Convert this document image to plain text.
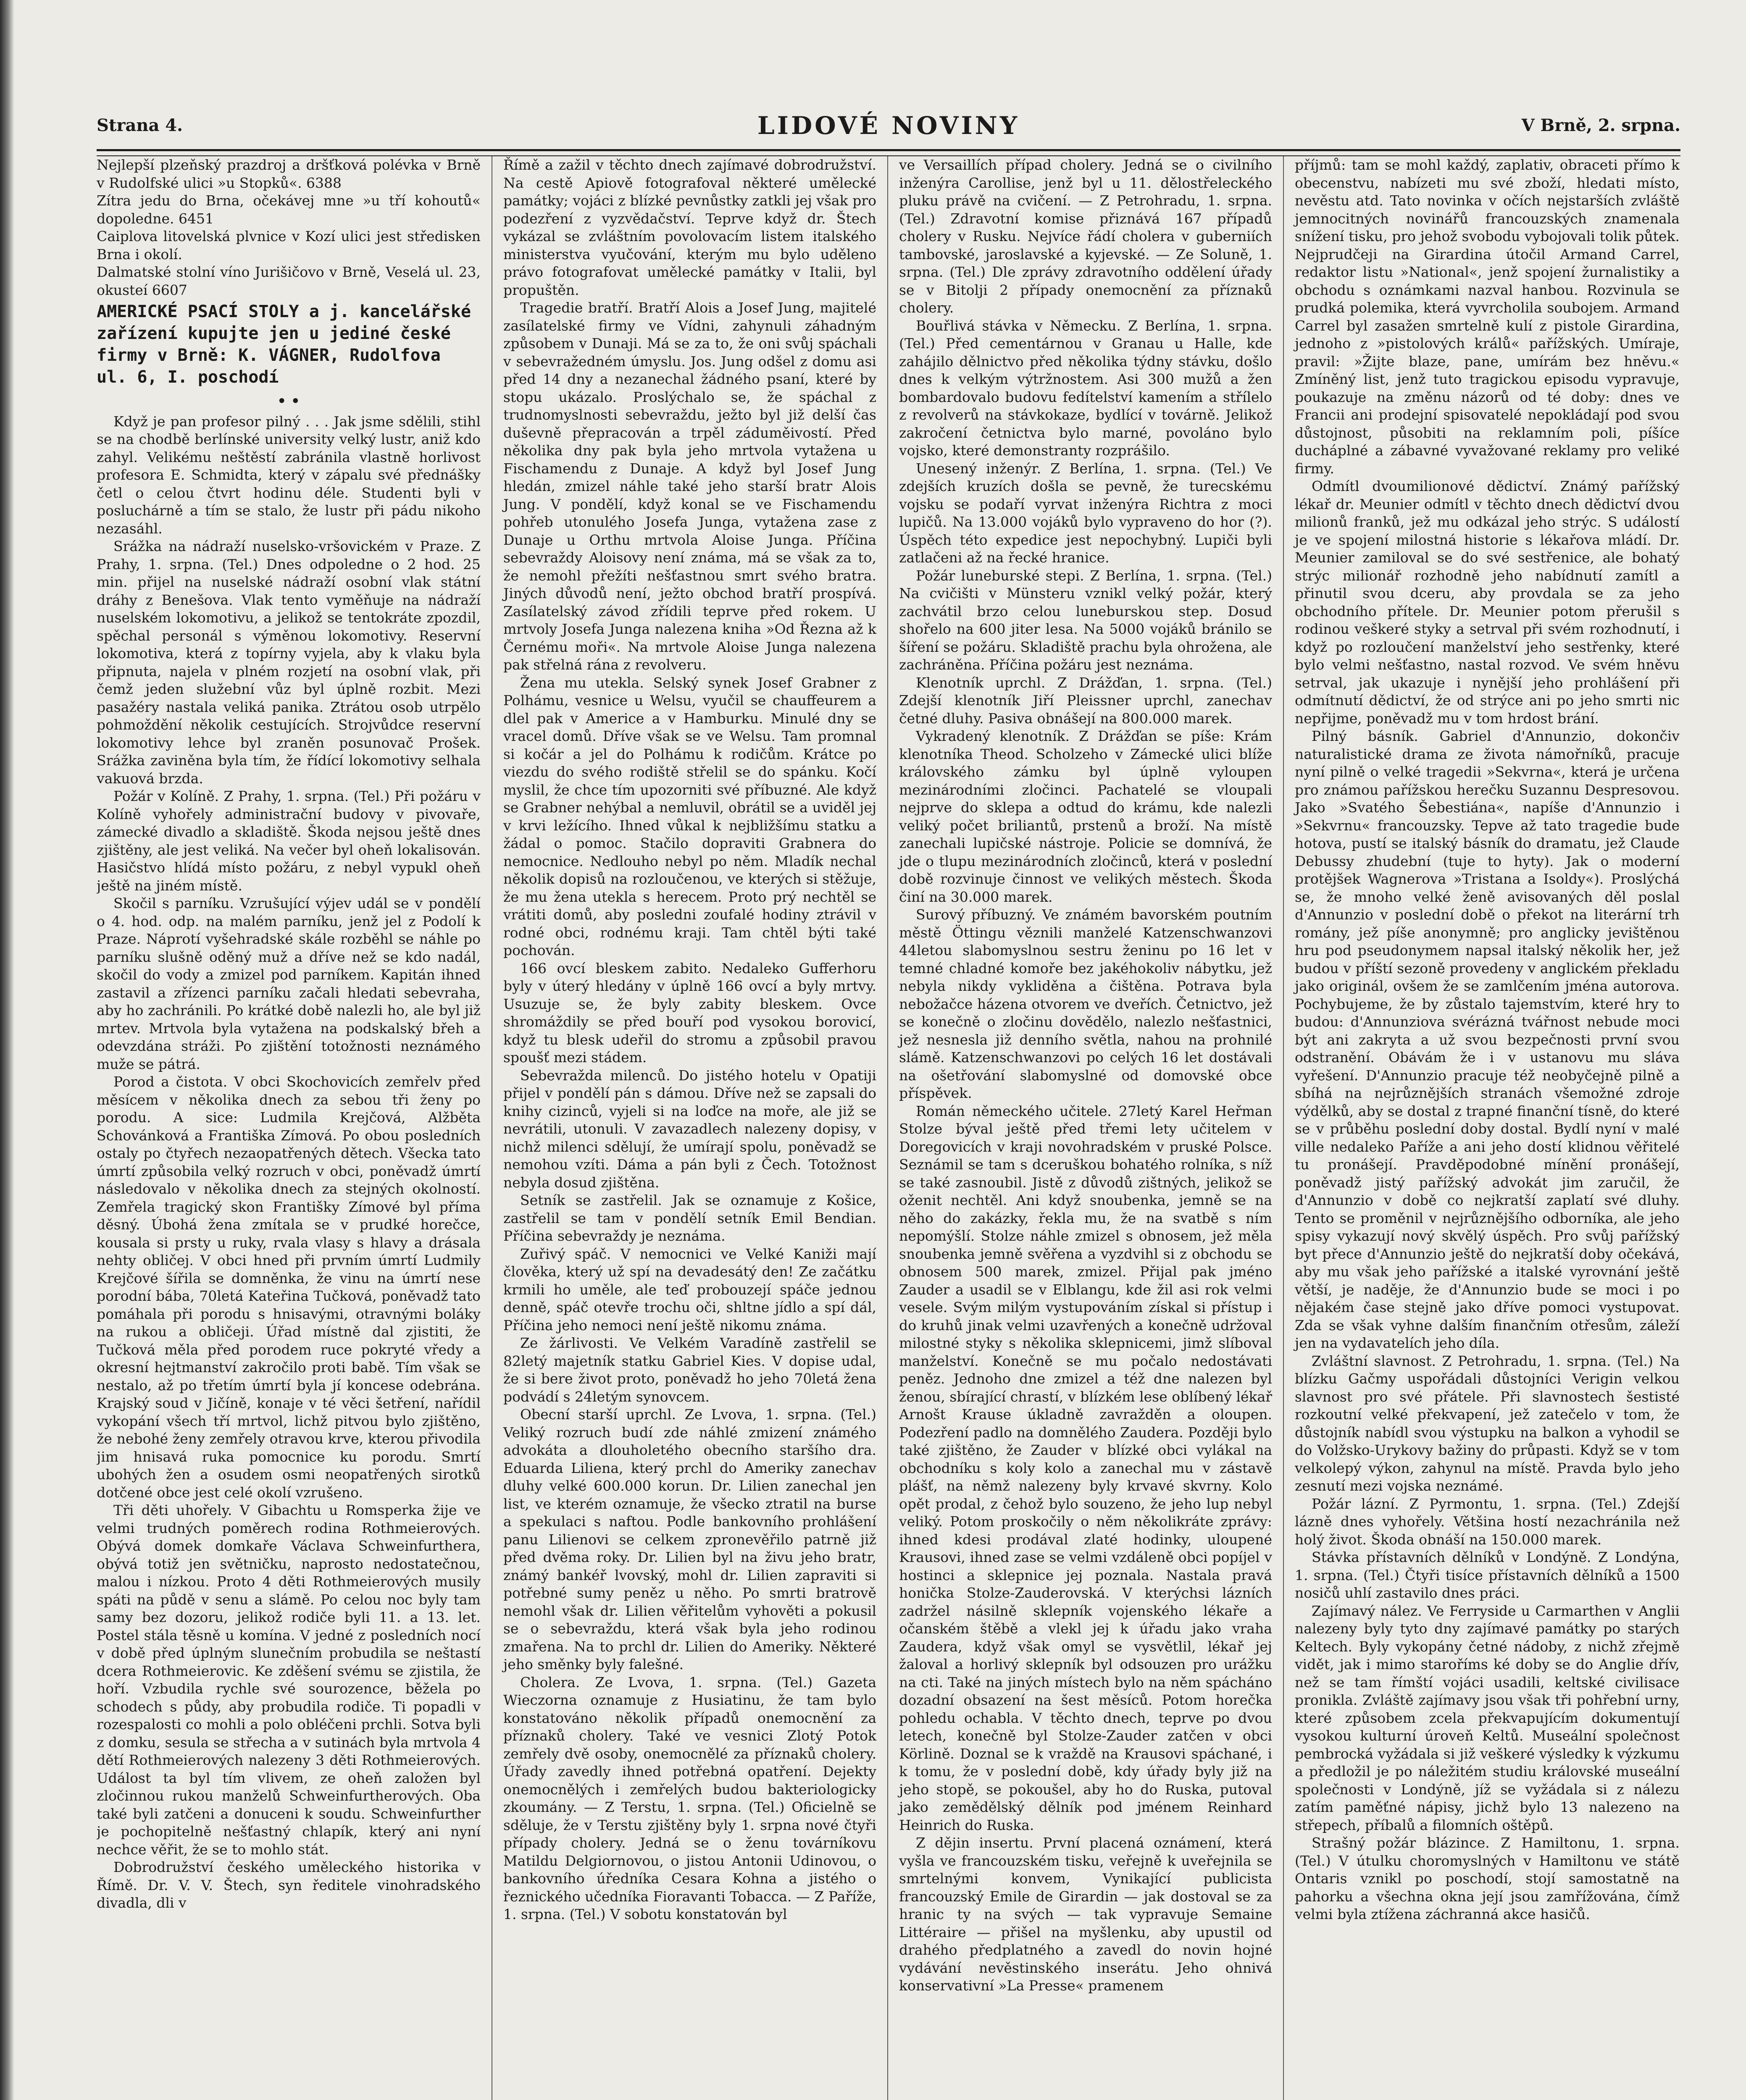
Strana 4.	LIDOVÉ NOVINY	V Brně, 2. srpna.

Nejlepší plzeňský prazdroj a dršťková polévka v Brně v Rudolfské ulici »u Stopků«. 6388

Zítra jedu do Brna, očekávej mne »u tří kohoutů« dopoledne. 6451

Caiplova litovelská plvnice v Kozí ulici jest středisken Brna i okolí.

Dalmatské stolní víno Jurišičovo v Brně, Veselá ul. 23, okusteí 6607

AMERICKÉ PSACÍ STOLY a j. kancelářské zařízení kupujte jen u jediné české firmy v Brně: K. VÁGNER, Rudolfova ul. 6, I. poschodí
• •

Když je pan profesor pilný . . . Jak jsme sdělili, stihl se na chodbě berlínské university velký lustr, aniž kdo zahyl. Velikému neštěstí zabránila vlastně horlivost profesora E. Schmidta, který v zápalu své přednášky četl o celou čtvrt hodinu déle. Studenti byli v posluchárně a tím se stalo, že lustr při pádu nikoho nezasáhl.

Srážka na nádraží nuselsko-vršovickém v Praze. Z Prahy, 1. srpna. (Tel.) Dnes odpoledne o 2 hod. 25 min. přijel na nuselské nádraží osobní vlak státní dráhy z Benešova. Vlak tento vyměňuje na nádraží nuselském lokomotivu, a jelikož se tentokráte zpozdil, spěchal personál s výměnou lokomotivy. Reservní lokomotiva, která z topírny vyjela, aby k vlaku byla připnuta, najela v plném rozjetí na osobní vlak, při čemž jeden služební vůz byl úplně rozbit. Mezi pasažéry nastala veliká panika. Ztrátou osob utrpělo pohmoždění několik cestujících. Strojvůdce reservní lokomotivy lehce byl zraněn posunovač Prošek. Srážka zaviněna byla tím, že řídící lokomotivy selhala vakuová brzda.

Požár v Kolíně. Z Prahy, 1. srpna. (Tel.) Při požáru v Kolíně vyhořely administrační budovy v pivovaře, zámecké divadlo a skladiště. Škoda nejsou ještě dnes zjištěny, ale jest veliká. Na večer byl oheň lokalisován. Hasičstvo hlídá místo požáru, z nebyl vypukl oheň ještě na jiném místě.

Skočil s parníku. Vzrušující výjev udál se v pondělí o 4. hod. odp. na malém parníku, jenž jel z Podolí k Praze. Náprotí vyšehradské skále rozběhl se náhle po parníku slušně oděný muž a dříve než se kdo nadál, skočil do vody a zmizel pod parníkem. Kapitán ihned zastavil a zřízenci parníku začali hledati sebevraha, aby ho zachránili. Po krátké době nalezli ho, ale byl již mrtev. Mrtvola byla vytažena na podskalský břeh a odevzdána stráži. Po zjištění totožnosti neznámého muže se pátrá.

Porod a čistota. V obci Skochovicích zemřelv před měsícem v několika dnech za sebou tři ženy po porodu. A sice: Ludmila Krejčová, Alžběta Schovánková a Františka Zímová. Po obou posledních ostaly po čtyřech nezaopatřených dětech. Všecka tato úmrtí způsobila velký rozruch v obci, poněvadž úmrtí následovalo v několika dnech za stejných okolností. Zemřela tragický skon Františky Zímové byl příma děsný. Úbohá žena zmítala se v prudké horečce, kousala si prsty u ruky, rvala vlasy s hlavy a drásala nehty obličej. V obci hned při prvním úmrtí Ludmily Krejčové šířila se domněnka, že vinu na úmrtí nese porodní bába, 70letá Kateřina Tučková, poněvadž tato pomáhala při porodu s hnisavými, otravnými boláky na rukou a obličeji. Úřad místně dal zjistiti, že Tučková měla před porodem ruce pokryté vředy a okresní hejtmanství zakročilo proti babě. Tím však se nestalo, až po třetím úmrtí byla jí koncese odebrána. Krajský soud v Jičíně, konaje v té věci šetření, nařídil vykopání všech tří mrtvol, lichž pitvou bylo zjištěno, že nebohé ženy zemřely otravou krve, kterou přivodila jim hnisavá ruka pomocnice ku porodu. Smrtí ubohých žen a osudem osmi neopatřených sirotků dotčené obce jest celé okolí vzrušeno.

Tři děti uhořely. V Gibachtu u Romsperka žije ve velmi trudných poměrech rodina Rothmeierových. Obývá domek domkaře Václava Schweinfurthera, obývá totiž jen světničku, naprosto nedostatečnou, malou i nízkou. Proto 4 děti Rothmeierových musily spáti na půdě v senu a slámě. Po celou noc byly tam samy bez dozoru, jelikož rodiče byli 11. a 13. let. Postel stála těsně u komína. V jedné z posledních nocí v době před úplným slunečním probudila se neštastí dcera Rothmeierovic. Ke zděšení svému se zjistila, že hoří. Vzbudila rychle své sourozence, běžela po schodech s půdy, aby probudila rodiče. Ti popadli v rozespalosti co mohli a polo obléčeni prchli. Sotva byli z domku, sesula se střecha a v sutinách byla mrtvola 4 dětí Rothmeierových nalezeny 3 děti Rothmeierových. Událost ta byl tím vlivem, ze oheň založen byl zločinnou rukou manželů Schweinfurtherových. Oba také byli zatčeni a donuceni k soudu. Schweinfurther je pochopitelně nešťastný chlapík, který ani nyní nechce věřit, že se to mohlo stát.

Dobrodružství českého uměleckého historika v Římě. Dr. V. V. Štech, syn ředitele vinohradského divadla, dli v

Římě a zažil v těchto dnech zajímavé dobrodružství. Na cestě Apiově fotografoval některé umělecké památky; vojáci z blízké pevnůstky zatkli jej však pro podezření z vyzvědačství. Teprve když dr. Štech vykázal se zvláštním povolovacím listem italského ministerstva vyučování, kterým mu bylo uděleno právo fotografovat umělecké památky v Italii, byl propuštěn.

Tragedie bratří. Bratří Alois a Josef Jung, majitelé zasílatelské firmy ve Vídni, zahynuli záhadným způsobem v Dunaji. Má se za to, že oni svůj spáchali v sebevražedném úmyslu. Jos. Jung odšel z domu asi před 14 dny a nezanechal žádného psaní, které by stopu ukázalo. Proslýchalo se, že spáchal z trudnomyslnosti sebevraždu, ježto byl již delší čas duševně přepracován a trpěl záduměivostí. Před několika dny pak byla jeho mrtvola vytažena u Fischamendu z Dunaje. A když byl Josef Jung hledán, zmizel náhle také jeho starší bratr Alois Jung. V pondělí, když konal se ve Fischamendu pohřeb utonulého Josefa Junga, vytažena zase z Dunaje u Orthu mrtvola Aloise Junga. Příčina sebevraždy Aloisovy není známa, má se však za to, že nemohl přežíti nešťastnou smrt svého bratra. Jiných důvodů není, ježto obchod bratří prospívá. Zasílatelský závod zřídili teprve před rokem. U mrtvoly Josefa Junga nalezena kniha »Od Řezna až k Černému moři«. Na mrtvole Aloise Junga nalezena pak střelná rána z revolveru.

Žena mu utekla. Selský synek Josef Grabner z Polhámu, vesnice u Welsu, vyučil se chauffeurem a dlel pak v Americe a v Hamburku. Minulé dny se vracel domů. Dříve však se ve Welsu. Tam promnal si kočár a jel do Polhámu k rodičům. Krátce po viezdu do svého rodiště střelil se do spánku. Kočí myslil, že chce tím upozorniti své příbuzné. Ale když se Grabner nehýbal a nemluvil, obrátil se a uviděl jej v krvi ležícího. Ihned vůkal k nejbližšímu statku a žádal o pomoc. Stačilo dopraviti Grabnera do nemocnice. Nedlouho nebyl po něm. Mladík nechal několik dopisů na rozloučenou, ve kterých si stěžuje, že mu žena utekla s herecem. Proto prý nechtěl se vrátiti domů, aby posledni zoufalé hodiny ztrávil v rodné obci, rodnému kraji. Tam chtěl býti také pochován.

166 ovcí bleskem zabito. Nedaleko Gufferhoru byly v úterý hledány v úplně 166 ovcí a byly mrtvy. Usuzuje se, že byly zabity bleskem. Ovce shromáždily se před bouří pod vysokou borovicí, když tu blesk udeřil do stromu a způsobil pravou spoušť mezi stádem.

Sebevražda milenců. Do jistého hotelu v Opatiji přijel v pondělí pán s dámou. Dříve než se zapsali do knihy cizinců, vyjeli si na loďce na moře, ale již se nevrátili, utonuli. V zavazadlech nalezeny dopisy, v nichž milenci sdělují, že umírají spolu, poněvadž se nemohou vzíti. Dáma a pán byli z Čech. Totožnost nebyla dosud zjištěna.

Setník se zastřelil. Jak se oznamuje z Košice, zastřelil se tam v pondělí setník Emil Bendian. Příčina sebevraždy je neznáma.

Zuřivý spáč. V nemocnici ve Velké Kaniži mají člověka, který už spí na devadesátý den! Ze začátku krmili ho uměle, ale teď probouzejí spáče jednou denně, spáč otevře trochu oči, shltne jídlo a spí dál, Příčina jeho nemoci není ještě nikomu známa.

Ze žárlivosti. Ve Velkém Varadíně zastřelil se 82letý majetník statku Gabriel Kies. V dopise udal, že si bere život proto, poněvadž ho jeho 70letá žena podvádí s 24letým synovcem.

Obecní starší uprchl. Ze Lvova, 1. srpna. (Tel.) Veliký rozruch budí zde náhlé zmizení známého advokáta a dlouholetého obecního staršího dra. Eduarda Liliena, který prchl do Ameriky zanechav dluhy velké 600.000 korun. Dr. Lilien zanechal jen list, ve kterém oznamuje, že všecko ztratil na burse a spekulaci s naftou. Podle bankovního prohlášení panu Lilienovi se celkem zpronevěřilo patrně již před dvěma roky. Dr. Lilien byl na živu jeho bratr, známý bankéř lvovský, mohl dr. Lilien zapraviti si potřebné sumy peněz u něho. Po smrti bratrově nemohl však dr. Lilien věřitelům vyhověti a pokusil se o sebevraždu, která však byla jeho rodinou zmařena. Na to prchl dr. Lilien do Ameriky. Některé jeho směnky byly falešné.

Cholera. Ze Lvova, 1. srpna. (Tel.) Gazeta Wieczorna oznamuje z Husiatinu, že tam bylo konstatováno několik případů onemocnění za příznaků cholery. Také ve vesnici Zlotý Potok zemřely dvě osoby, onemocnělé za příznaků cholery. Úřady zavedly ihned potřebná opatření. Dejekty onemocnělých i zemřelých budou bakteriologicky zkoumány. — Z Terstu, 1. srpna. (Tel.) Oficielně se sděluje, že v Terstu zjištěny byly 1. srpna nové čtyři případy cholery. Jedná se o ženu továrníkovu Matildu Delgiornovou, o jistou Antonii Udinovou, o bankovního úředníka Cesara Kohna a jistého o řeznického učedníka Fioravanti Tobacca. — Z Paříže, 1. srpna. (Tel.) V sobotu konstatován byl

ve Versaillích případ cholery. Jedná se o civilního inženýra Carollise, jenž byl u 11. dělostřeleckého pluku právě na cvičení. — Z Petrohradu, 1. srpna. (Tel.) Zdravotní komise přiznává 167 případů cholery v Rusku. Nejvíce řádí cholera v guberniích tambovské, jaroslavské a kyjevské. — Ze Soluně, 1. srpna. (Tel.) Dle zprávy zdravotního oddělení úřady se v Bitolji 2 případy onemocnění za příznaků cholery.

Bouřlivá stávka v Německu. Z Berlína, 1. srpna. (Tel.) Před cementárnou v Granau u Halle, kde zahájilo dělnictvo před několika týdny stávku, došlo dnes k velkým výtržnostem. Asi 300 mužů a žen bombardovalo budovu fedítelství kamením a střílelo z revolverů na stávkokaze, bydlící v továrně. Jelikož zakročení četnictva bylo marné, povoláno bylo vojsko, které demonstranty rozprášilo.

Unesený inženýr. Z Berlína, 1. srpna. (Tel.) Ve zdejších kruzích došla se pevně, že turecskému vojsku se podaří vyrvat inženýra Richtra z moci lupičů. Na 13.000 vojáků bylo vypraveno do hor (?). Úspěch této expedice jest nepochybný. Lupiči byli zatlačeni až na řecké hranice.

Požár luneburské stepi. Z Berlína, 1. srpna. (Tel.) Na cvičišti v Münsteru vznikl velký požár, který zachvátil brzo celou luneburskou step. Dosud shořelo na 600 jiter lesa. Na 5000 vojáků bránilo se šíření se požáru. Skladiště prachu byla ohrožena, ale zachráněna. Příčina požáru jest neznáma.

Klenotník uprchl. Z Drážďan, 1. srpna. (Tel.) Zdejší klenotník Jiří Pleissner uprchl, zanechav četné dluhy. Pasiva obnášejí na 800.000 marek.

Vykradený klenotník. Z Drážďan se píše: Krám klenotníka Theod. Scholzeho v Zámecké ulici blíže královského zámku byl úplně vyloupen mezinárodními zločinci. Pachatelé se vloupali nejprve do sklepa a odtud do krámu, kde nalezli veliký počet briliantů, prstenů a broží. Na místě zanechali lupičské nástroje. Policie se domnívá, že jde o tlupu mezinárodních zločinců, která v poslední době rozvinuje činnost ve velikých městech. Škoda činí na 30.000 marek.

Surový příbuzný. Ve známém bavorském poutním městě Öttingu věznili manželé Katzenschwanzovi 44letou slabomyslnou sestru ženinu po 16 let v temné chladné komoře bez jakéhokoliv nábytku, jež nebyla nikdy vykliděna a čištěna. Potrava byla nebožačce házena otvorem ve dveřích. Četnictvo, jež se konečně o zločinu dovědělo, nalezlo nešťastnici, jež nesnesla již denního světla, nahou na prohnilé slámě. Katzenschwanzovi po celých 16 let dostávali na ošetřování slabomyslné od domovské obce příspěvek.

Román německého učitele. 27letý Karel Heřman Stolze býval ještě před třemi lety učitelem v Doregovicích v kraji novohradském v pruské Polsce. Seznámil se tam s dceruškou bohatého rolníka, s níž se také zasnoubil. Jistě z důvodů zištných, jelikož se oženit nechtěl. Ani když snoubenka, jemně se na něho do zakázky, řekla mu, že na svatbě s ním nepomýšlí. Stolze náhle zmizel s obnosem, jež měla snoubenka jemně svěřena a vyzdvihl si z obchodu se obnosem 500 marek, zmizel. Přijal pak jméno Zauder a usadil se v Elblangu, kde žil asi rok velmi vesele. Svým milým vystupováním získal si přístup i do kruhů jinak velmi uzavřených a konečně udržoval milostné styky s několika sklepnicemi, jimž slíboval manželství. Konečně se mu počalo nedostávati peněz. Jednoho dne zmizel a též dne nalezen byl ženou, sbírající chrastí, v blízkém lese oblíbený lékař Arnošt Krause úkladně zavražděn a oloupen. Podezření padlo na domnělého Zaudera. Později bylo také zjištěno, že Zauder v blízké obci vylákal na obchodníku s koly kolo a zanechal mu v zástavě plášť, na němž nalezeny byly krvavé skvrny. Kolo opět prodal, z čehož bylo souzeno, že jeho lup nebyl veliký. Potom proskočily o něm několikráte zprávy: ihned kdesi prodával zlaté hodinky, uloupené Krausovi, ihned zase se velmi vzdáleně obci popíjel v hostinci a sklepnice jej poznala. Nastala pravá honička Stolze-Zauderovská. V kterýchsi lázních zadržel násilně sklepník vojenského lékaře a očanském štěbě a vlekl jej k úřadu jako vraha Zaudera, když však omyl se vysvětlil, lékař jej žaloval a horlivý sklepník byl odsouzen pro urážku na cti. Také na jiných místech bylo na něm spácháno dozadní obsazení na šest měsíců. Potom horečka pohledu ochabla. V těchto dnech, teprve po dvou letech, konečně byl Stolze-Zauder zatčen v obci Körlině. Doznal se k vraždě na Krausovi spáchané, i k tomu, že v poslední době, kdy úřady byly již na jeho stopě, se pokoušel, aby ho do Ruska, putoval jako zemědělský dělník pod jménem Reinhard Heinrich do Ruska.

Z dějin insertu. První placená oznámení, která vyšla ve francouzském tisku, veřejně k uveřejnila se smrtelnými konvem, Vynikající publicista francouzský Emile de Girardin — jak dostoval se za hranic ty na svých — tak vypravuje Semaine Littéraire — přišel na myšlenku, aby upustil od drahého předplatného a zavedl do novin hojné vydávání nevěstinského inserátu. Jeho ohnivá konservativní »La Presse« pramenem

příjmů: tam se mohl každý, zaplativ, obraceti přímo k obecenstvu, nabízeti mu své zboží, hledati místo, nevěstu atd. Tato novinka v očích nejstarších zvláště jemnocitných novinářů francouzských znamenala snížení tisku, pro jehož svobodu vybojovali tolik půtek. Nejprudčeji na Girardina útočil Armand Carrel, redaktor listu »National«, jenž spojení žurnalistiky a obchodu s oznámkami nazval hanbou. Rozvinula se prudká polemika, která vyvrcholila soubojem. Armand Carrel byl zasažen smrtelně kulí z pistole Girardina, jednoho z »pistolových králů« pařížských. Umíraje, pravil: »Žijte blaze, pane, umírám bez hněvu.« Zmíněný list, jenž tuto tragickou episodu vypravuje, poukazuje na změnu názorů od té doby: dnes ve Francii ani prodejní spisovatelé nepokládají pod svou důstojnost, působiti na reklamním poli, píšíce ducháplné a zábavné vyvažované reklamy pro veliké firmy.

Odmítl dvoumilionové dědictví. Známý pařížský lékař dr. Meunier odmítl v těchto dnech dědictví dvou milionů franků, jež mu odkázal jeho strýc. S událostí je ve spojení milostná historie s lékařova mládí. Dr. Meunier zamiloval se do své sestřenice, ale bohatý strýc milionář rozhodně jeho nabídnutí zamítl a přinutil svou dceru, aby provdala se za jeho obchodního přítele. Dr. Meunier potom přerušil s rodinou veškeré styky a setrval při svém rozhodnutí, i když po rozloučení manželství jeho sestřenky, které bylo velmi nešťastno, nastal rozvod. Ve svém hněvu setrval, jak ukazuje i nynější jeho prohlášení při odmítnutí dědictví, že od strýce ani po jeho smrti nic nepřijme, poněvadž mu v tom hrdost brání.

Pilný básník. Gabriel d'Annunzio, dokončiv naturalistické drama ze života námořníků, pracuje nyní pilně o velké tragedii »Sekvrna«, která je určena pro známou pařížskou herečku Suzannu Despresovou. Jako »Svatého Šebestiána«, napíše d'Annunzio i »Sekvrnu« francouzsky. Tepve až tato tragedie bude hotova, pustí se italský básník do dramatu, jež Claude Debussy zhudební (tuje to hyty). Jak o moderní protějšek Wagnerova »Tristana a Isoldy«). Proslýchá se, že mnoho velké ženě avisovaných děl poslal d'Annunzio v poslední době o překot na literární trh romány, jež píše anonymně; pro anglicky jevištěnou hru pod pseudonymem napsal italský několik her, jež budou v příští sezoně provedeny v anglickém překladu jako originál, ovšem že se zamlčením jména autorova. Pochybujeme, že by zůstalo tajemstvím, které hry to budou: d'Annunziova svérázná tvářnost nebude moci být ani zakryta a už svou bezpečnosti první svou odstranění. Obávám že i v ustanovu mu sláva vyřešení. D'Annunzio pracuje též neobyčejně pilně a sbíhá na nejrůznějších stranách všemožné zdroje výdělků, aby se dostal z trapné finanční tísně, do které se v průběhu poslední doby dostal. Bydlí nyní v malé ville nedaleko Paříže a ani jeho dostí klidnou věřitelé tu pronášejí. Pravděpodobné mínění pronášejí, poněvadž jistý pařížský advokát jim zaručil, že d'Annunzio v době co nejkratší zaplatí své dluhy. Tento se proměnil v nejrůznějšího odborníka, ale jeho spisy vykazují nový skvělý úspěch. Pro svůj pařížský byt přece d'Annunzio ještě do nejkratší doby očekává, aby mu však jeho pařížské a italské vyrovnání ještě větší, je naděje, že d'Annunzio bude se moci i po nějakém čase stejně jako dříve pomoci vystupovat. Zda se však vyhne dalším finančním otřesům, záleží jen na vydavatelích jeho díla.

Zvláštní slavnost. Z Petrohradu, 1. srpna. (Tel.) Na blízku Gačmy uspořádali důstojníci Verigin velkou slavnost pro své přátele. Při slavnostech šestisté rozkoutní velké překvapení, jež zatečelo v tom, že důstojník nabídl svou výstupku na balkon a vyhodil se do Volžsko-Urykovy bažiny do průpasti. Když se v tom velkolepý výkon, zahynul na místě. Pravda bylo jeho zesnutí mezi vojska neznámé.

Požár lázní. Z Pyrmontu, 1. srpna. (Tel.) Zdejší lázně dnes vyhořely. Většina hostí nezachránila než holý život. Škoda obnáší na 150.000 marek.

Stávka přístavních dělníků v Londýně. Z Londýna, 1. srpna. (Tel.) Čtyři tisíce přístavních dělníků a 1500 nosičů uhlí zastavilo dnes práci.

Zajímavý nález. Ve Ferryside u Carmarthen v Anglii nalezeny byly tyto dny zajímavé památky po starých Keltech. Byly vykopány četné nádoby, z nichž zřejmě vidět, jak i mimo staroříms ké doby se do Anglie dřív, než se tam římští vojáci usadili, keltské civilisace pronikla. Zvláště zajímavy jsou však tři pohřební urny, které způsobem zcela překvapujícím dokumentují vysokou kulturní úroveň Keltů. Museální společnost pembrocká vyžádala si již veškeré výsledky k výzkumu a předložil je po náležitém studiu královské museální společnosti v Londýně, jíž se vyžádala si z nálezu zatím paměťné nápisy, jichž bylo 13 nalezeno na střepech, příbalů a filomních oštěpů.

Strašný požár blázince. Z Hamiltonu, 1. srpna. (Tel.) V útulku choromyslných v Hamiltonu ve státě Ontaris vznikl po poschodí, stojí samostatně na pahorku a všechna okna její jsou zamřížována, čímž velmi byla ztížena záchranná akce hasičů.
